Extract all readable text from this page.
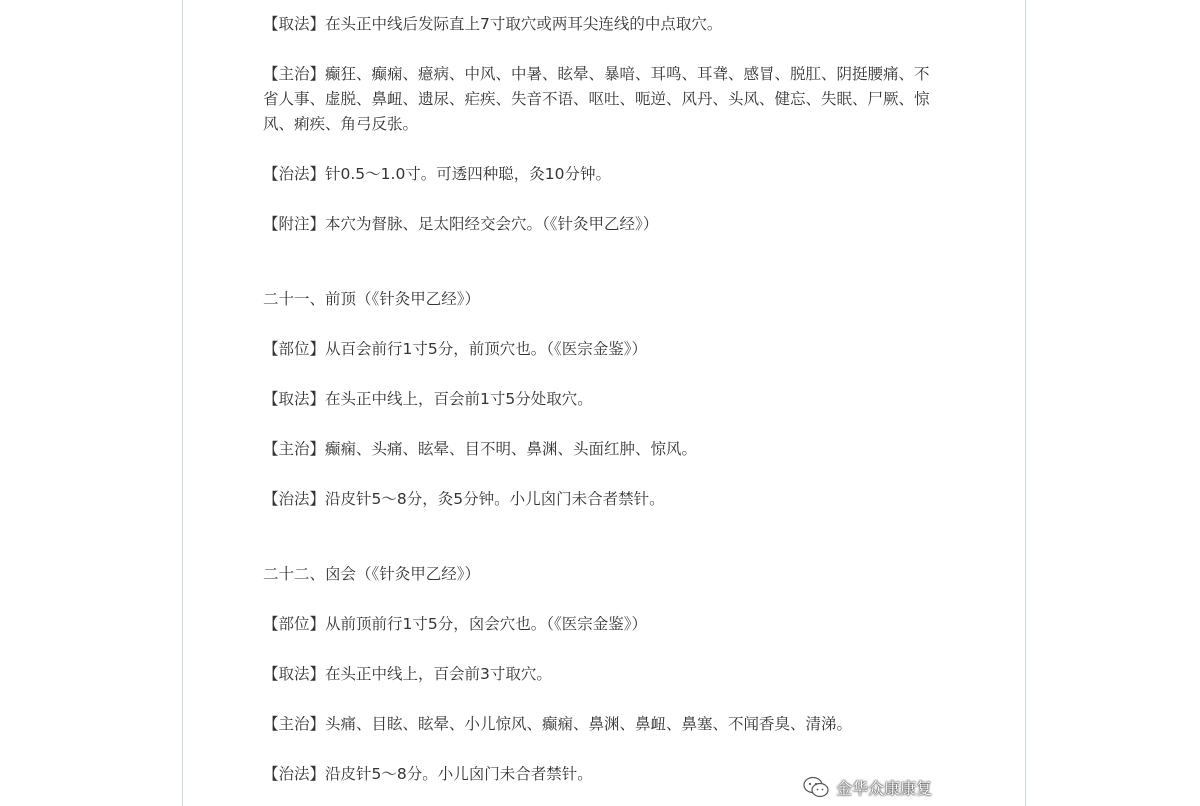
【取法】在头正中线后发际直上7寸取穴或两耳尖连线的中点取穴。

【主治】癫狂、癫痫、癔病、中风、中暑、眩晕、暴喑、耳鸣、耳聋、感冒、脱肛、阴挺腰痛、不省人事、虚脱、鼻衄、遗尿、疟疾、失音不语、呕吐、呃逆、风丹、头风、健忘、失眠、尸厥、惊风、痢疾、角弓反张。

【治法】针0.5～1.0寸。可透四种聪，灸10分钟。

【附注】本穴为督脉、足太阳经交会穴。（《针灸甲乙经》）

二十一、前顶（《针灸甲乙经》）

【部位】从百会前行1寸5分，前顶穴也。（《医宗金鉴》）

【取法】在头正中线上，百会前1寸5分处取穴。

【主治】癫痫、头痛、眩晕、目不明、鼻渊、头面红肿、惊风。

【治法】沿皮针5～8分，灸5分钟。小儿囟门未合者禁针。

二十二、囟会（《针灸甲乙经》）

【部位】从前顶前行1寸5分，囟会穴也。（《医宗金鉴》）

【取法】在头正中线上，百会前3寸取穴。

【主治】头痛、目眩、眩晕、小儿惊风、癫痫、鼻渊、鼻衄、鼻塞、不闻香臭、清涕。

【治法】沿皮针5～8分。小儿囟门未合者禁针。

金华众康康复
